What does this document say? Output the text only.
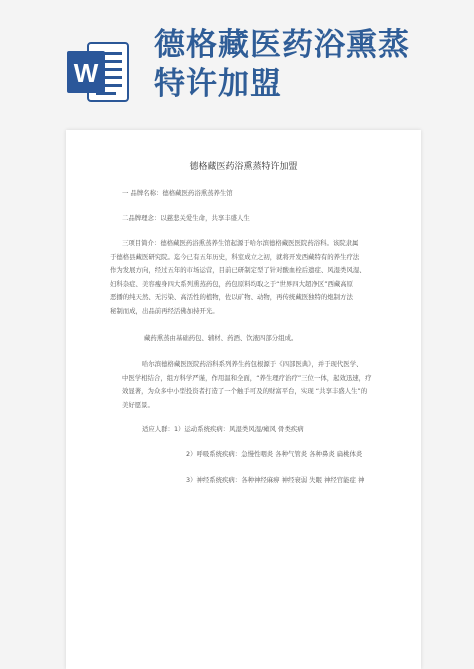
W
德格藏医药浴熏蒸
特许加盟
德格藏医药浴熏蒸特许加盟
一 品牌名称：德格藏医药浴熏蒸养生馆
二品牌理念：以慈悲关爱生命，共享丰盛人生
三项目简介：德格藏医药浴熏蒸养生馆起源于哈尔滨德格藏医医院药浴科。该院隶属
于德格县藏医研究院。迄今已有五年历史，科室成立之初，就将开发西藏特有的养生疗法
作为发展方向，经过五年的市场运营，目前已研制定型了针对酸血栓后遗症、风湿类风湿、
妇科杂症、美容瘦身四大系列熏蒸药包，药包原料均取之于“世界四大超净区”西藏高原
恶播的纯天然、无污染、高活性的植物，佐以矿物、动物，再传统藏医独特的炮制方法
秘制而成，出品前再经活佛加持开光。
藏药熏蒸由基础药包、辅材、药酒、饮液四部分组成。
哈尔滨德格藏医医院药浴科系列养生药包根源于《四部医典》，并于现代医学、
中医学相结合，组方科学严谨，作用温和全面，“养生理疗治疗”三位一体，起效迅速，疗
效显著，为众多中小型投资者打造了一个触手可及的财富平台，实现 “共享丰盛人生”的
美好愿景。
适应人群：1）运动系统疾病：风湿类风湿/瘫风 骨类疾病
2）呼吸系统疾病：急慢性咽炎 各种气管炎 各种鼻炎 扁桃体炎
3）神经系统疾病：各种神经麻痹 神经衰弱 失眠 神经官能症 神
